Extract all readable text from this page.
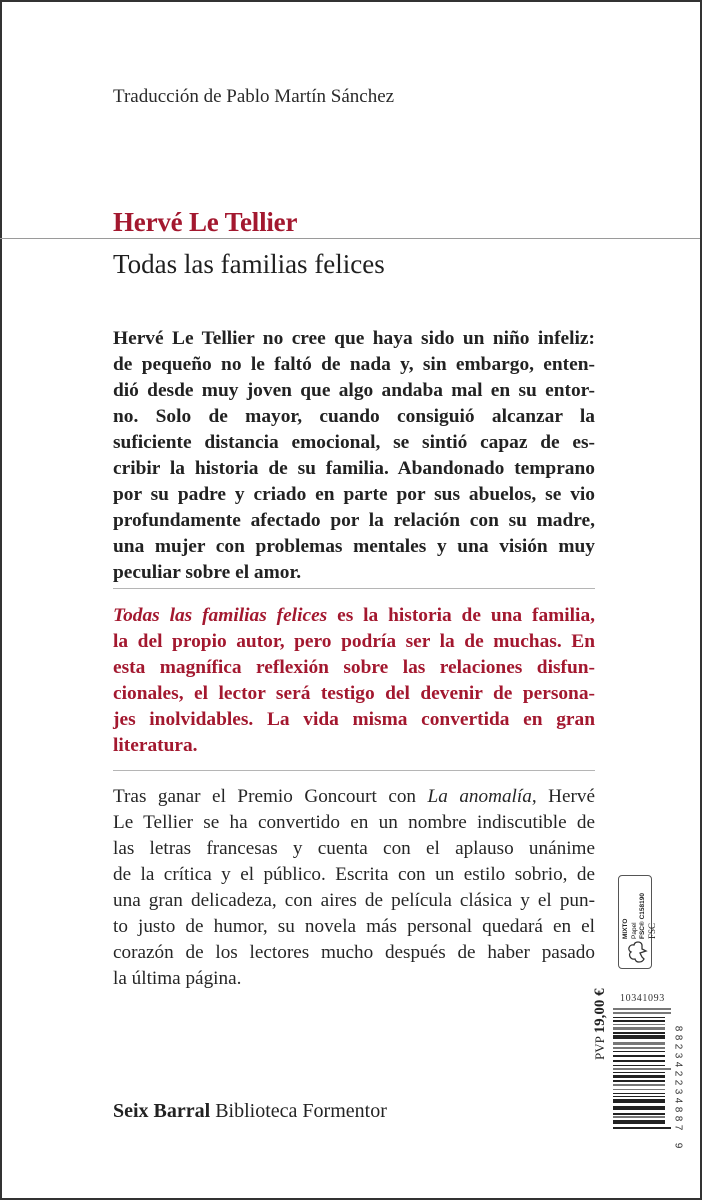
Traducción de Pablo Martín Sánchez
Hervé Le Tellier
Todas las familias felices
Hervé Le Tellier no cree que haya sido un niño infeliz:
de pequeño no le faltó de nada y, sin embargo, enten-
dió desde muy joven que algo andaba mal en su entor-
no. Solo de mayor, cuando consiguió alcanzar la
suficiente distancia emocional, se sintió capaz de es-
cribir la historia de su familia. Abandonado temprano
por su padre y criado en parte por sus abuelos, se vio
profundamente afectado por la relación con su madre,
una mujer con problemas mentales y una visión muy
peculiar sobre el amor.
Todas las familias felices es la historia de una familia,
la del propio autor, pero podría ser la de muchas. En
esta magnífica reflexión sobre las relaciones disfun-
cionales, el lector será testigo del devenir de persona-
jes inolvidables. La vida misma convertida en gran
literatura.
Tras ganar el Premio Goncourt con La anomalía, Hervé
Le Tellier se ha convertido en un nombre indiscutible de
las letras francesas y cuenta con el aplauso unánime
de la crítica y el público. Escrita con un estilo sobrio, de
una gran delicadeza, con aires de película clásica y el pun-
to justo de humor, su novela más personal quedará en el
corazón de los lectores mucho después de haber pasado
la última página.
Seix Barral Biblioteca Formentor
MIXTO Papel FSC® C158190 FSC
10341093
PVP 19,00 €
9
7
8
8
4
3
2
2
4
3
2
8
8
